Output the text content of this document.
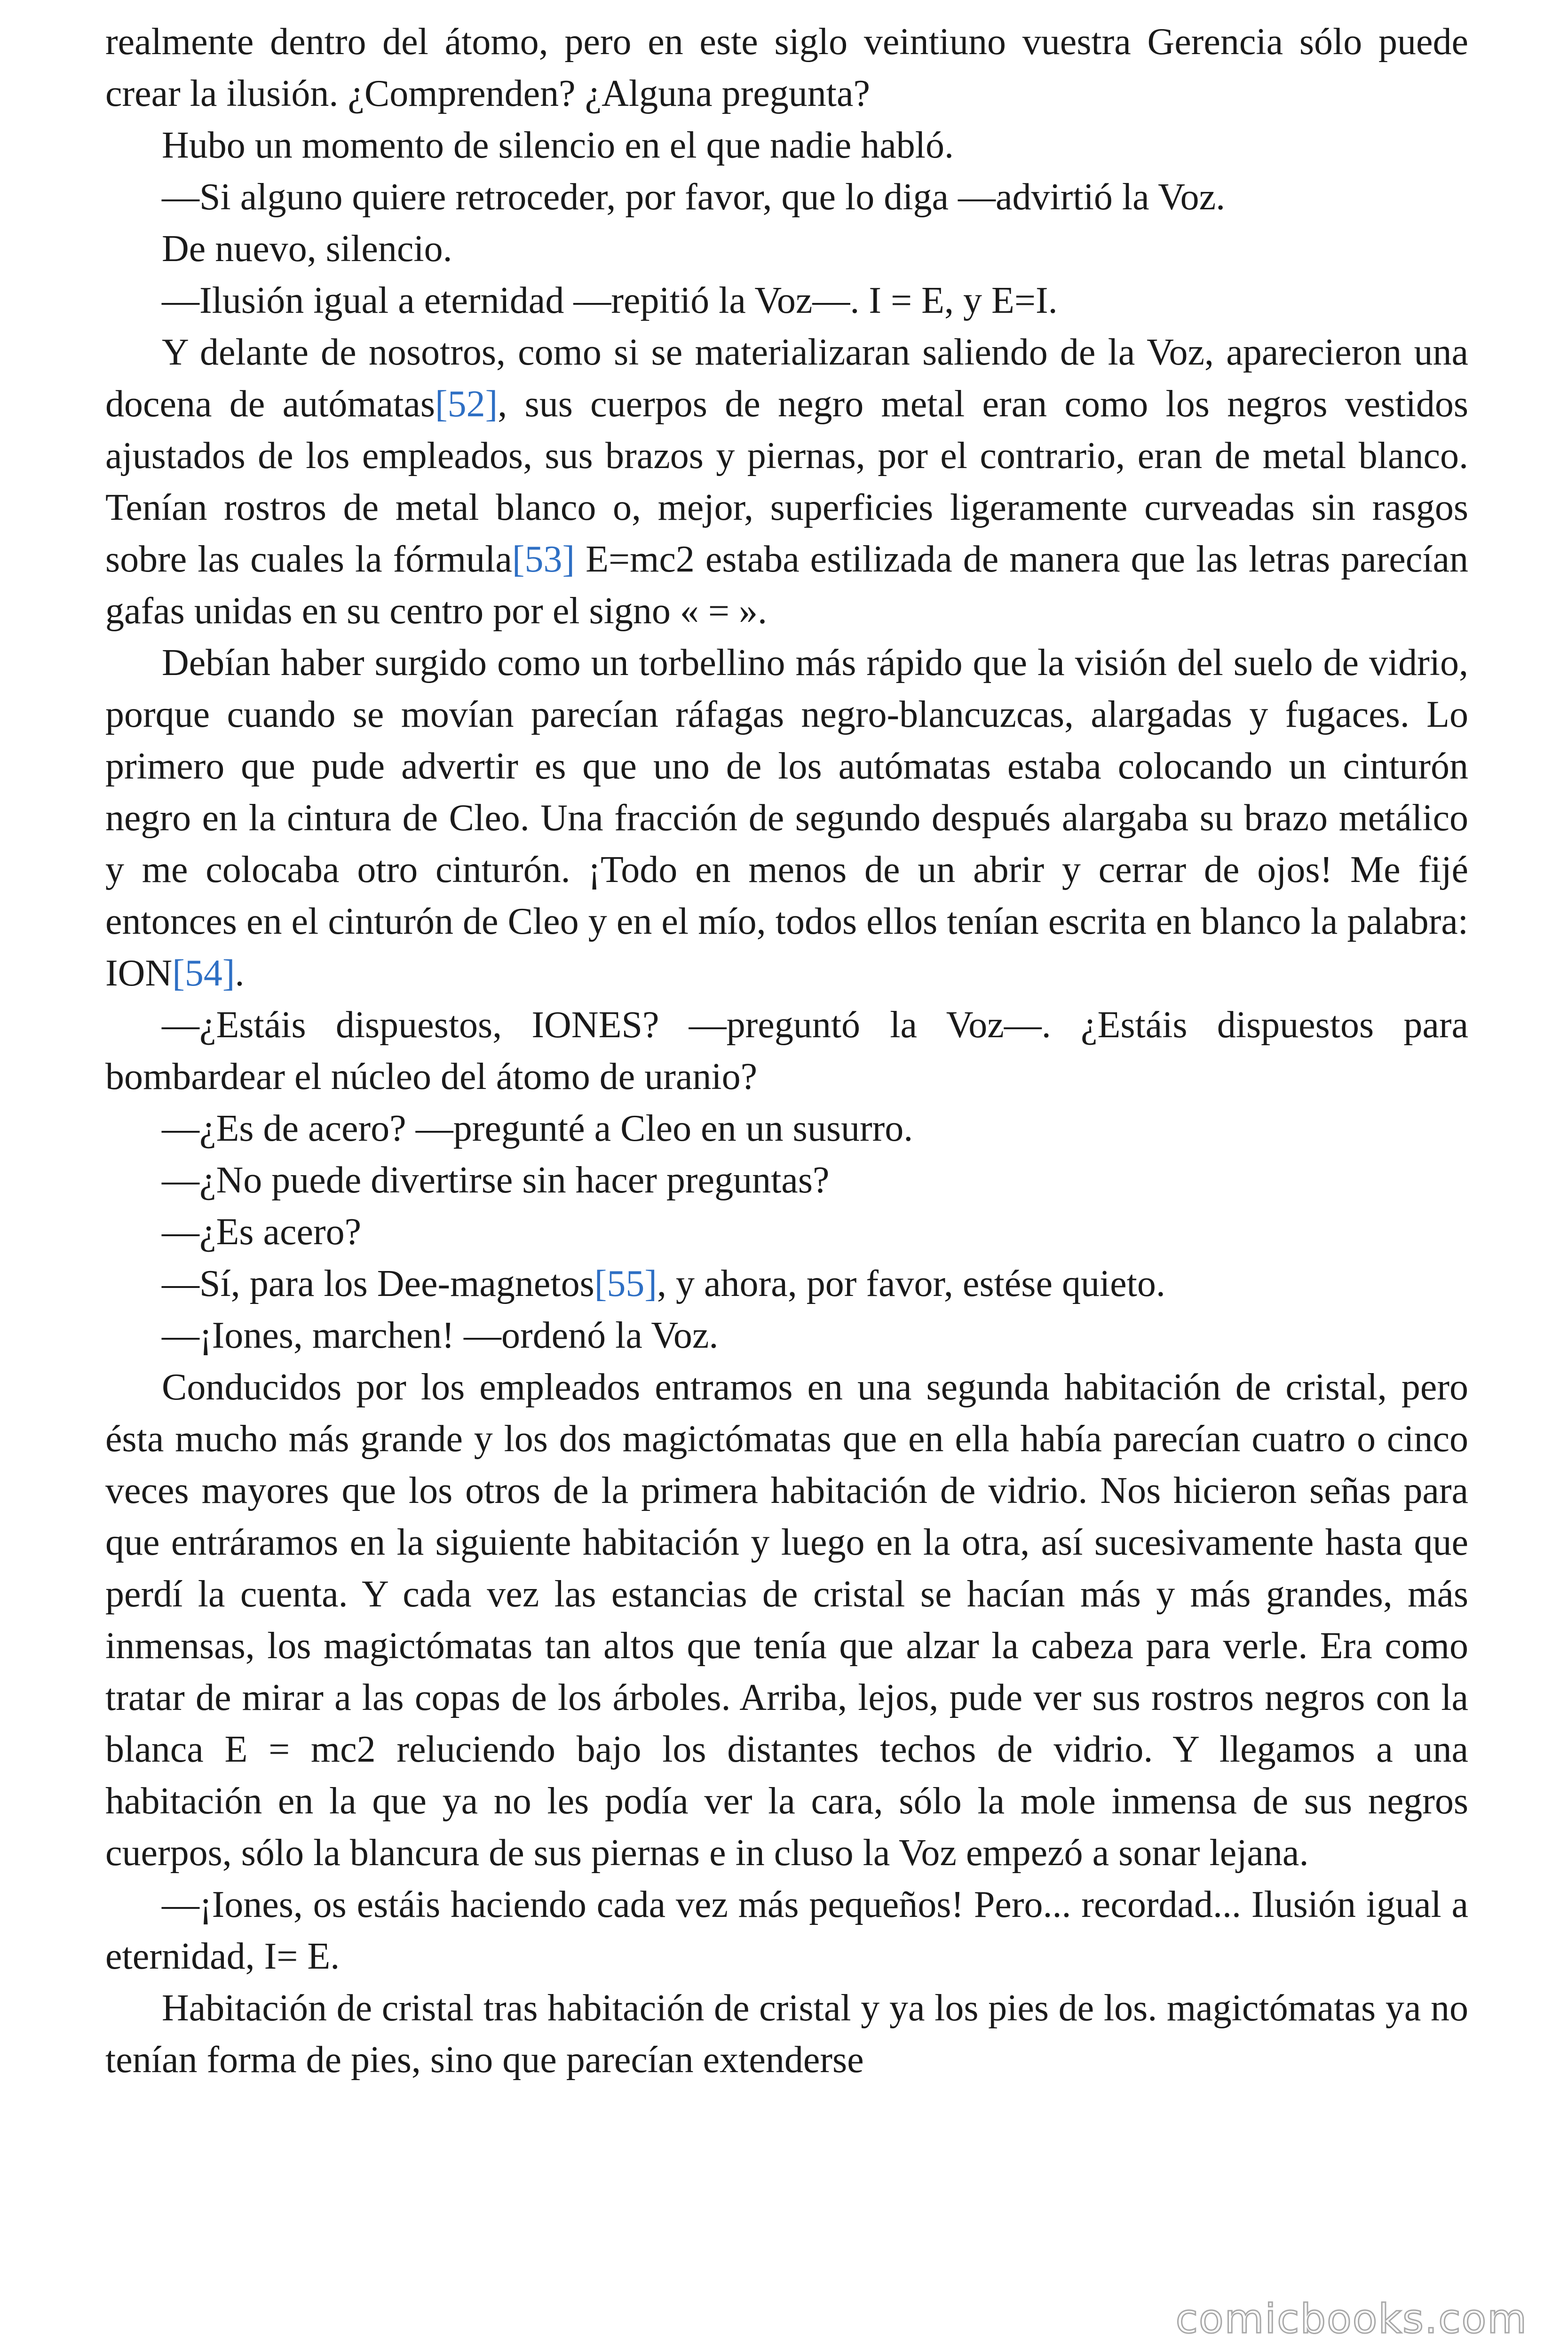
realmente dentro del átomo, pero en este siglo veintiuno vuestra Gerencia sólo puede crear la ilusión. ¿Comprenden? ¿Alguna pregunta?

Hubo un momento de silencio en el que nadie habló.

—Si alguno quiere retroceder, por favor, que lo diga —advirtió la Voz.

De nuevo, silencio.

—Ilusión igual a eternidad —repitió la Voz—. I = E, y E=I.

Y delante de nosotros, como si se materializaran saliendo de la Voz, aparecieron una docena de autómatas[52], sus cuerpos de negro metal eran como los negros vestidos ajustados de los empleados, sus brazos y piernas, por el contrario, eran de metal blanco. Tenían rostros de metal blanco o, mejor, superficies ligeramente curveadas sin rasgos sobre las cuales la fórmula[53] E=mc2 estaba estilizada de manera que las letras parecían gafas unidas en su centro por el signo « = ».

Debían haber surgido como un torbellino más rápido que la visión del suelo de vidrio, porque cuando se movían parecían ráfagas negro-blancuzcas, alargadas y fugaces. Lo primero que pude advertir es que uno de los autómatas estaba colocando un cinturón negro en la cintura de Cleo. Una fracción de segundo después alargaba su brazo metálico y me colocaba otro cinturón. ¡Todo en menos de un abrir y cerrar de ojos! Me fijé entonces en el cinturón de Cleo y en el mío, todos ellos tenían escrita en blanco la palabra: ION[54].

—¿Estáis dispuestos, IONES? —preguntó la Voz—. ¿Estáis dispuestos para bombardear el núcleo del átomo de uranio?

—¿Es de acero? —pregunté a Cleo en un susurro.

—¿No puede divertirse sin hacer preguntas?

—¿Es acero?

—Sí, para los Dee-magnetos[55], y ahora, por favor, estése quieto.

—¡Iones, marchen! —ordenó la Voz.

Conducidos por los empleados entramos en una segunda habitación de cristal, pero ésta mucho más grande y los dos magictómatas que en ella había parecían cuatro o cinco veces mayores que los otros de la primera habitación de vidrio. Nos hicieron señas para que entráramos en la siguiente habitación y luego en la otra, así sucesivamente hasta que perdí la cuenta. Y cada vez las estancias de cristal se hacían más y más grandes, más inmensas, los magictómatas tan altos que tenía que alzar la cabeza para verle. Era como tratar de mirar a las copas de los árboles. Arriba, lejos, pude ver sus rostros negros con la blanca E = mc2 reluciendo bajo los distantes techos de vidrio. Y llegamos a una habitación en la que ya no les podía ver la cara, sólo la mole inmensa de sus negros cuerpos, sólo la blancura de sus piernas e in cluso la Voz empezó a sonar lejana.

—¡Iones, os estáis haciendo cada vez más pequeños! Pero... recordad... Ilusión igual a eternidad, I= E.

Habitación de cristal tras habitación de cristal y ya los pies de los. magictómatas ya no tenían forma de pies, sino que parecían extenderse

comicbooks.com
